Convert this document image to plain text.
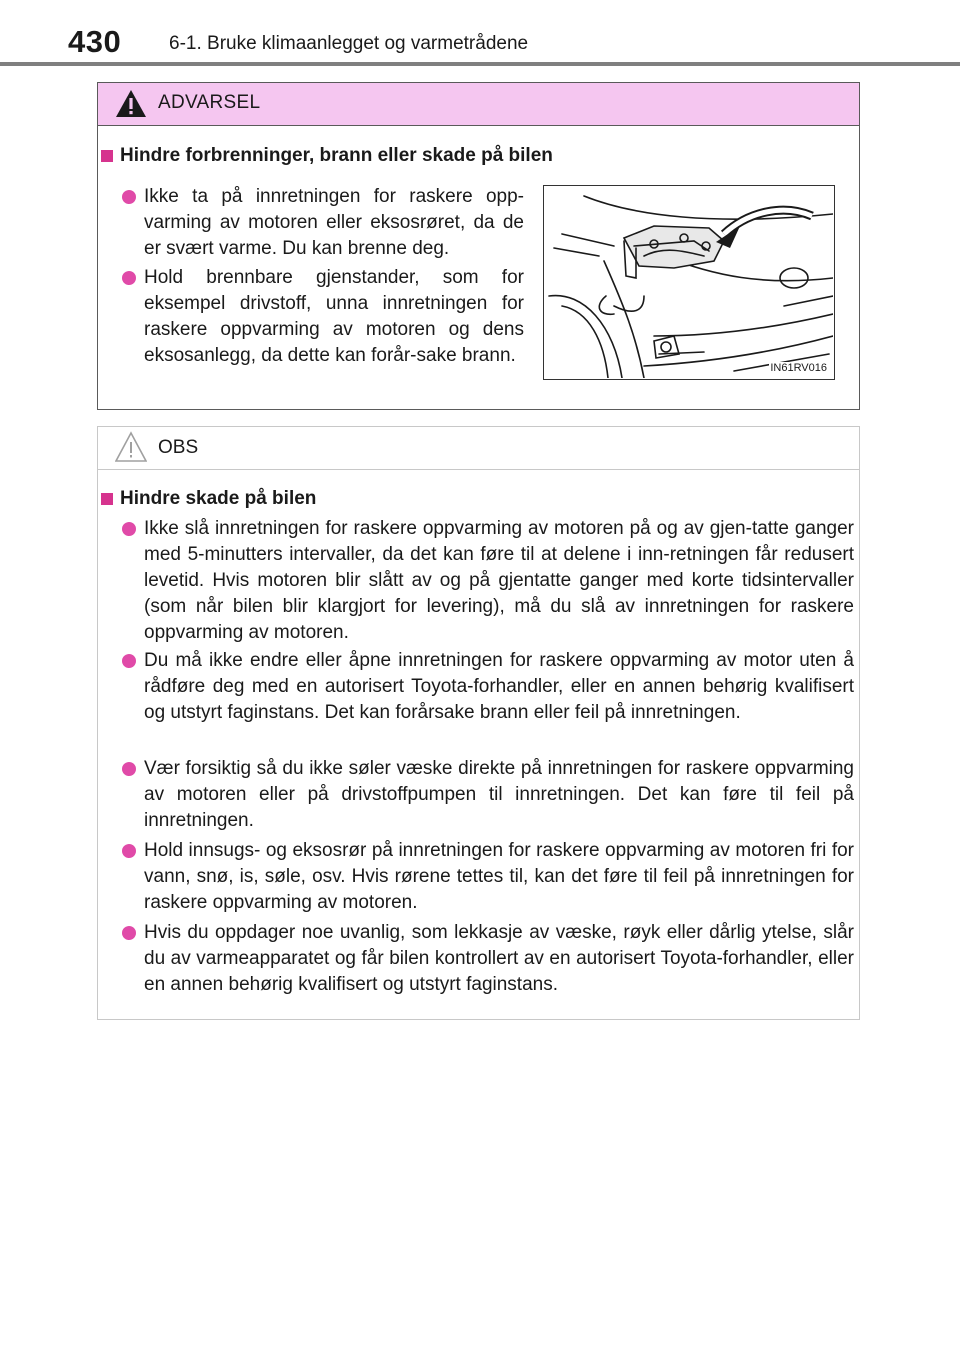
430	6-1. Bruke klimaanlegget og varmetrådene
ADVARSEL
Hindre forbrenninger, brann eller skade på bilen
Ikke ta på innretningen for raskere opp-varming av motoren eller eksosrøret, da de er svært varme. Du kan brenne deg.
Hold brennbare gjenstander, som for eksempel drivstoff, unna innretningen for raskere oppvarming av motoren og dens eksosanlegg, da dette kan forår-sake brann.
IN61RV016
OBS
Hindre skade på bilen
Ikke slå innretningen for raskere oppvarming av motoren på og av gjen-tatte ganger med 5-minutters intervaller, da det kan føre til at delene i inn-retningen får redusert levetid. Hvis motoren blir slått av og på gjentatte ganger med korte tidsintervaller (som når bilen blir klargjort for levering), må du slå av innretningen for raskere oppvarming av motoren.
Du må ikke endre eller åpne innretningen for raskere oppvarming av motor uten å rådføre deg med en autorisert Toyota-forhandler, eller en annen behørig kvalifisert og utstyrt faginstans. Det kan forårsake brann eller feil på innretningen.
Vær forsiktig så du ikke søler væske direkte på innretningen for raskere oppvarming av motoren eller på drivstoffpumpen til innretningen. Det kan føre til feil på innretningen.
Hold innsugs- og eksosrør på innretningen for raskere oppvarming av motoren fri for vann, snø, is, søle, osv. Hvis rørene tettes til, kan det føre til feil på innretningen for raskere oppvarming av motoren.
Hvis du oppdager noe uvanlig, som lekkasje av væske, røyk eller dårlig ytelse, slår du av varmeapparatet og får bilen kontrollert av en autorisert Toyota-forhandler, eller en annen behørig kvalifisert og utstyrt faginstans.
